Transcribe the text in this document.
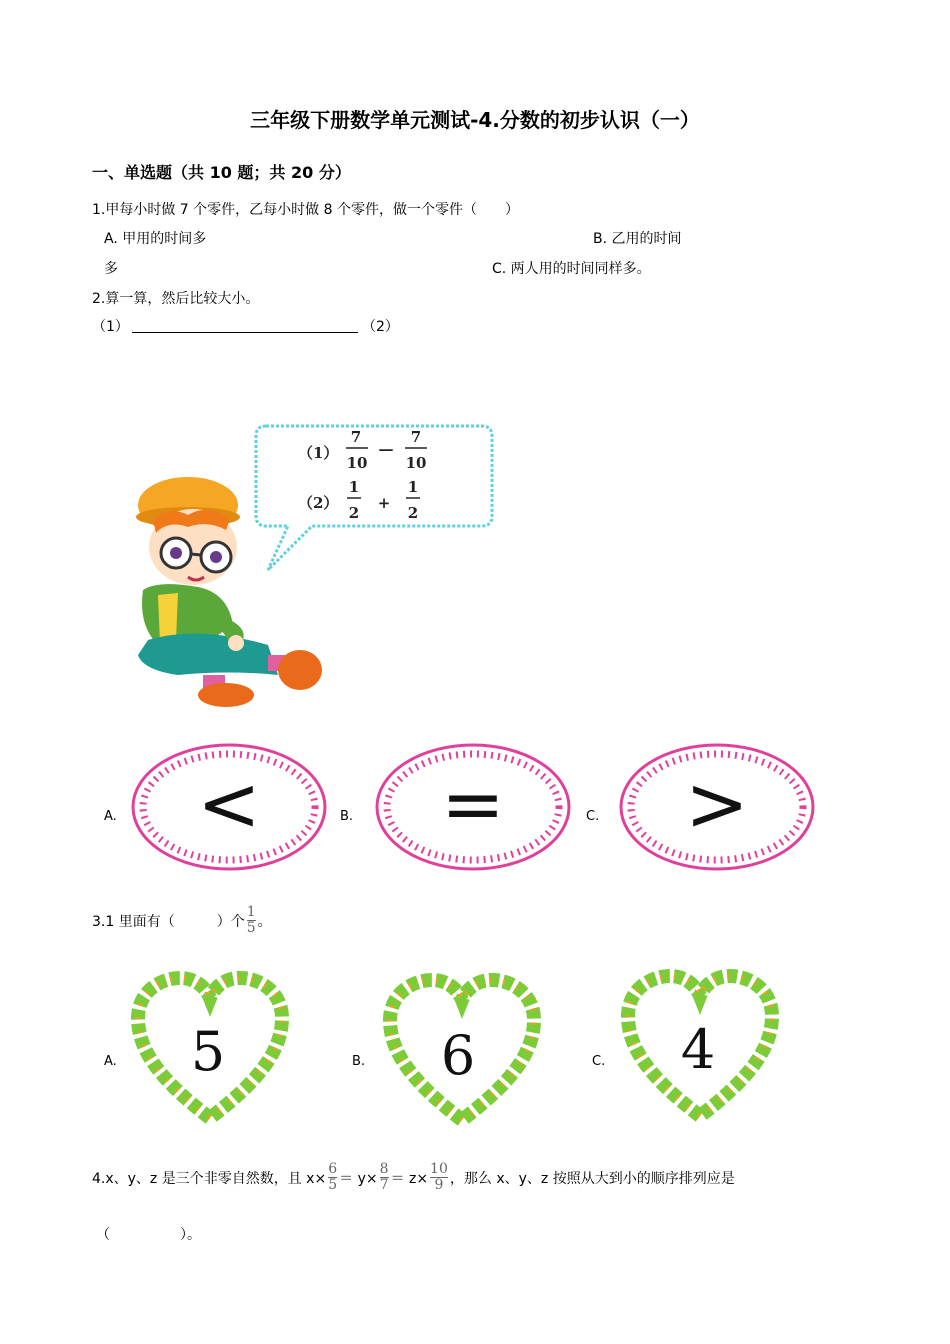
三年级下册数学单元测试-4.分数的初步认识（一）
一、单选题（共 10 题；共 20 分）
1.甲每小时做 7 个零件，乙每小时做 8 个零件，做一个零件（　　）
A. 甲用的时间多	B. 乙用的时间
多	C. 两人用的时间同样多。
2.算一算，然后比较大小。
（1）	（2）
（1）
7
10
—
7
10
（2）
1
2
+
1
2
A.	B.	C.
< = >
3.1 里面有（　　　）个 $\frac{1}{5}$ 。
A.	B.	C.
5	6	4
4.x、y、z 是三个非零自然数，且 $x\times \frac{6}{5} = y\times \frac{8}{7} = z\times \frac{10}{9}$ ，那么 x、y、z 按照从大到小的顺序排列应是
（　　　　　）。
